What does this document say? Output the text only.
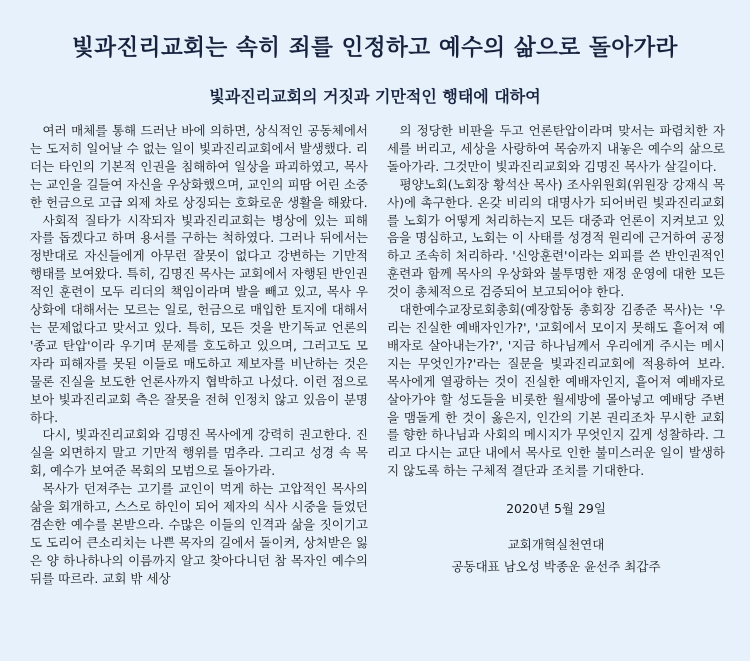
빛과진리교회는 속히 죄를 인정하고 예수의 삶으로 돌아가라
빛과진리교회의 거짓과 기만적인 행태에 대하여

여러 매체를 통해 드러난 바에 의하면, 상식적인 공동체에서는 도저히 일어날 수 없는 일이 빛과진리교회에서 발생했다. 리더는 타인의 기본적 인권을 침해하여 일상을 파괴하였고, 목사는 교인을 길들여 자신을 우상화했으며, 교인의 피땀 어린 소중한 헌금으로 고급 외제 차로 상징되는 호화로운 생활을 해왔다.

사회적 질타가 시작되자 빛과진리교회는 병상에 있는 피해자를 돕겠다고 하며 용서를 구하는 척하였다. 그러나 뒤에서는 정반대로 자신들에게 아무런 잘못이 없다고 강변하는 기만적 행태를 보여왔다. 특히, 김명진 목사는 교회에서 자행된 반인권적인 훈련이 모두 리더의 책임이라며 발을 빼고 있고, 목사 우상화에 대해서는 모르는 일로, 헌금으로 매입한 토지에 대해서는 문제없다고 맞서고 있다. 특히, 모든 것을 반기독교 언론의 '종교 탄압'이라 우기며 문제를 호도하고 있으며, 그러고도 모자라 피해자를 못된 이들로 매도하고 제보자를 비난하는 것은 물론 진실을 보도한 언론사까지 협박하고 나섰다. 이런 점으로 보아 빛과진리교회 측은 잘못을 전혀 인정치 않고 있음이 분명하다.

다시, 빛과진리교회와 김명진 목사에게 강력히 권고한다. 진실을 외면하지 말고 기만적 행위를 멈추라. 그리고 성경 속 목회, 예수가 보여준 목회의 모범으로 돌아가라.

목사가 던져주는 고기를 교인이 먹게 하는 고압적인 목사의 삶을 회개하고, 스스로 하인이 되어 제자의 식사 시중을 들었던 겸손한 예수를 본받으라. 수많은 이들의 인격과 삶을 짓이기고도 도리어 큰소리치는 나쁜 목자의 길에서 돌이켜, 상처받은 잃은 양 하나하나의 이름까지 알고 찾아다니던 참 목자인 예수의 뒤를 따르라. 교회 밖 세상

의 정당한 비판을 두고 언론탄압이라며 맞서는 파렴치한 자세를 버리고, 세상을 사랑하여 목숨까지 내놓은 예수의 삶으로 돌아가라. 그것만이 빛과진리교회와 김명진 목사가 살길이다.

평양노회(노회장 황석산 목사) 조사위원회(위원장 강재식 목사)에 촉구한다. 온갖 비리의 대명사가 되어버린 빛과진리교회를 노회가 어떻게 처리하는지 모든 대중과 언론이 지켜보고 있음을 명심하고, 노회는 이 사태를 성경적 원리에 근거하여 공정하고 조속히 처리하라. '신앙훈련'이라는 외피를 쓴 반인권적인 훈련과 함께 목사의 우상화와 불투명한 재정 운영에 대한 모든 것이 총체적으로 검증되어 보고되어야 한다.

대한예수교장로회총회(예장합동 총회장 김종준 목사)는 '우리는 진실한 예배자인가?', '교회에서 모이지 못해도 흩어져 예배자로 살아내는가?', '지금 하나님께서 우리에게 주시는 메시지는 무엇인가?'라는 질문을 빛과진리교회에 적용하여 보라. 목사에게 열광하는 것이 진실한 예배자인지, 흩어져 예배자로 살아가야 할 성도들을 비롯한 월세방에 몰아넣고 예배당 주변을 맴돌게 한 것이 옳은지, 인간의 기본 권리조차 무시한 교회를 향한 하나님과 사회의 메시지가 무엇인지 깊게 성찰하라. 그리고 다시는 교단 내에서 목사로 인한 불미스러운 일이 발생하지 않도록 하는 구체적 결단과 조치를 기대한다.

2020년 5월 29일
교회개혁실천연대
공동대표 남오성 박종운 윤선주 최갑주
